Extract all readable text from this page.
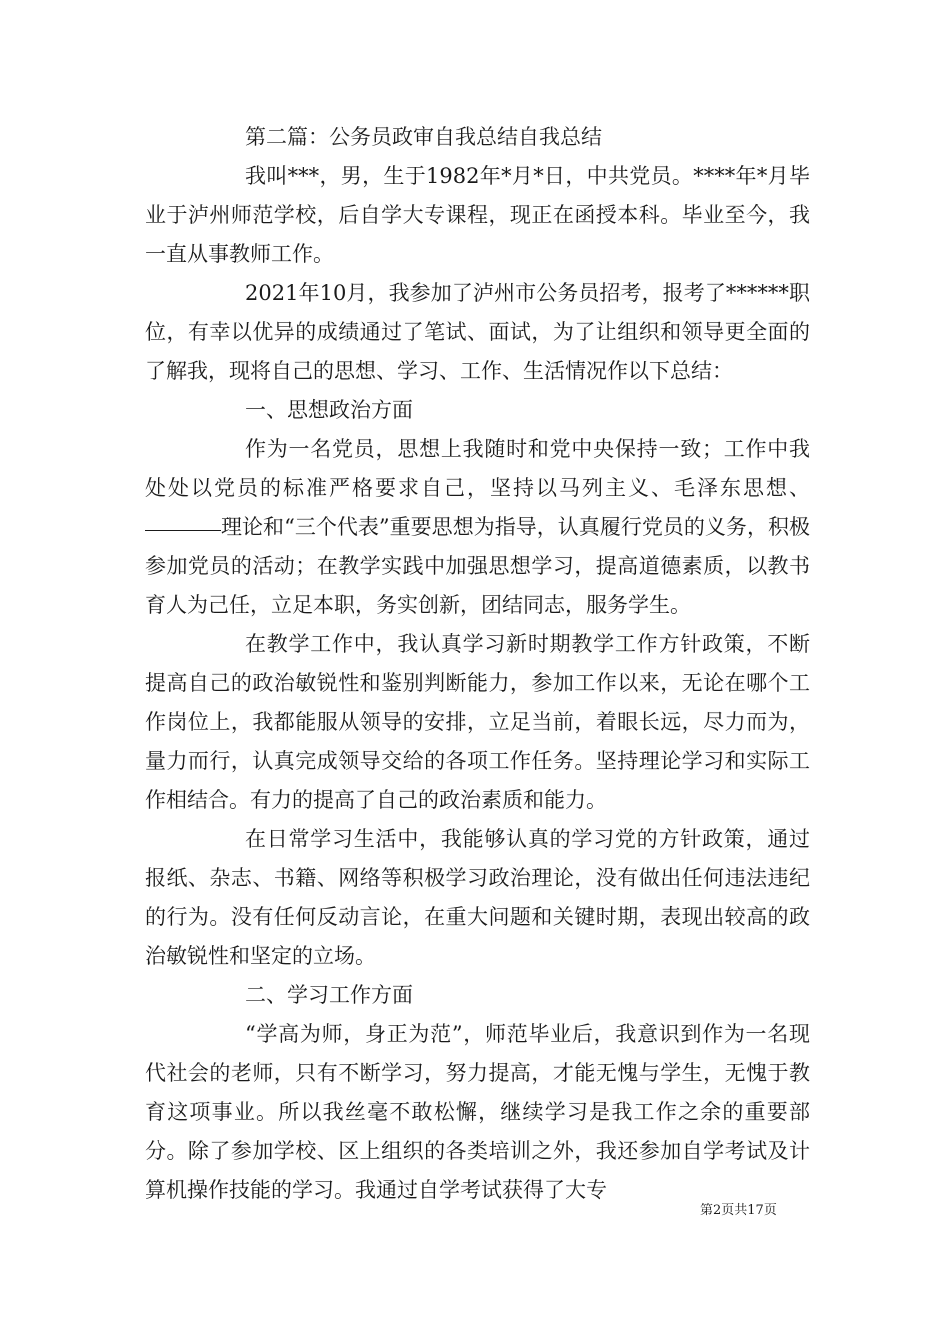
第二篇：公务员政审自我总结自我总结

我叫***，男，生于1982年*月*日，中共党员。****年*月毕业于泸州师范学校，后自学大专课程，现正在函授本科。毕业至今，我一直从事教师工作。

2021年10月，我参加了泸州市公务员招考，报考了******职位，有幸以优异的成绩通过了笔试、面试，为了让组织和领导更全面的了解我，现将自己的思想、学习、工作、生活情况作以下总结：

一、思想政治方面

作为一名党员，思想上我随时和党中央保持一致；工作中我处处以党员的标准严格要求自己，坚持以马列主义、毛泽东思想、理论和“三个代表”重要思想为指导，认真履行党员的义务，积极参加党员的活动；在教学实践中加强思想学习，提高道德素质，以教书育人为己任，立足本职，务实创新，团结同志，服务学生。

在教学工作中，我认真学习新时期教学工作方针政策，不断提高自己的政治敏锐性和鉴别判断能力，参加工作以来，无论在哪个工作岗位上，我都能服从领导的安排，立足当前，着眼长远，尽力而为，量力而行，认真完成领导交给的各项工作任务。坚持理论学习和实际工作相结合。有力的提高了自己的政治素质和能力。

在日常学习生活中，我能够认真的学习党的方针政策，通过报纸、杂志、书籍、网络等积极学习政治理论，没有做出任何违法违纪的行为。没有任何反动言论，在重大问题和关键时期，表现出较高的政治敏锐性和坚定的立场。

二、学习工作方面

“学高为师，身正为范”，师范毕业后，我意识到作为一名现代社会的老师，只有不断学习，努力提高，才能无愧与学生，无愧于教育这项事业。所以我丝毫不敢松懈，继续学习是我工作之余的重要部分。除了参加学校、区上组织的各类培训之外，我还参加自学考试及计算机操作技能的学习。我通过自学考试获得了大专

第2页共17页
